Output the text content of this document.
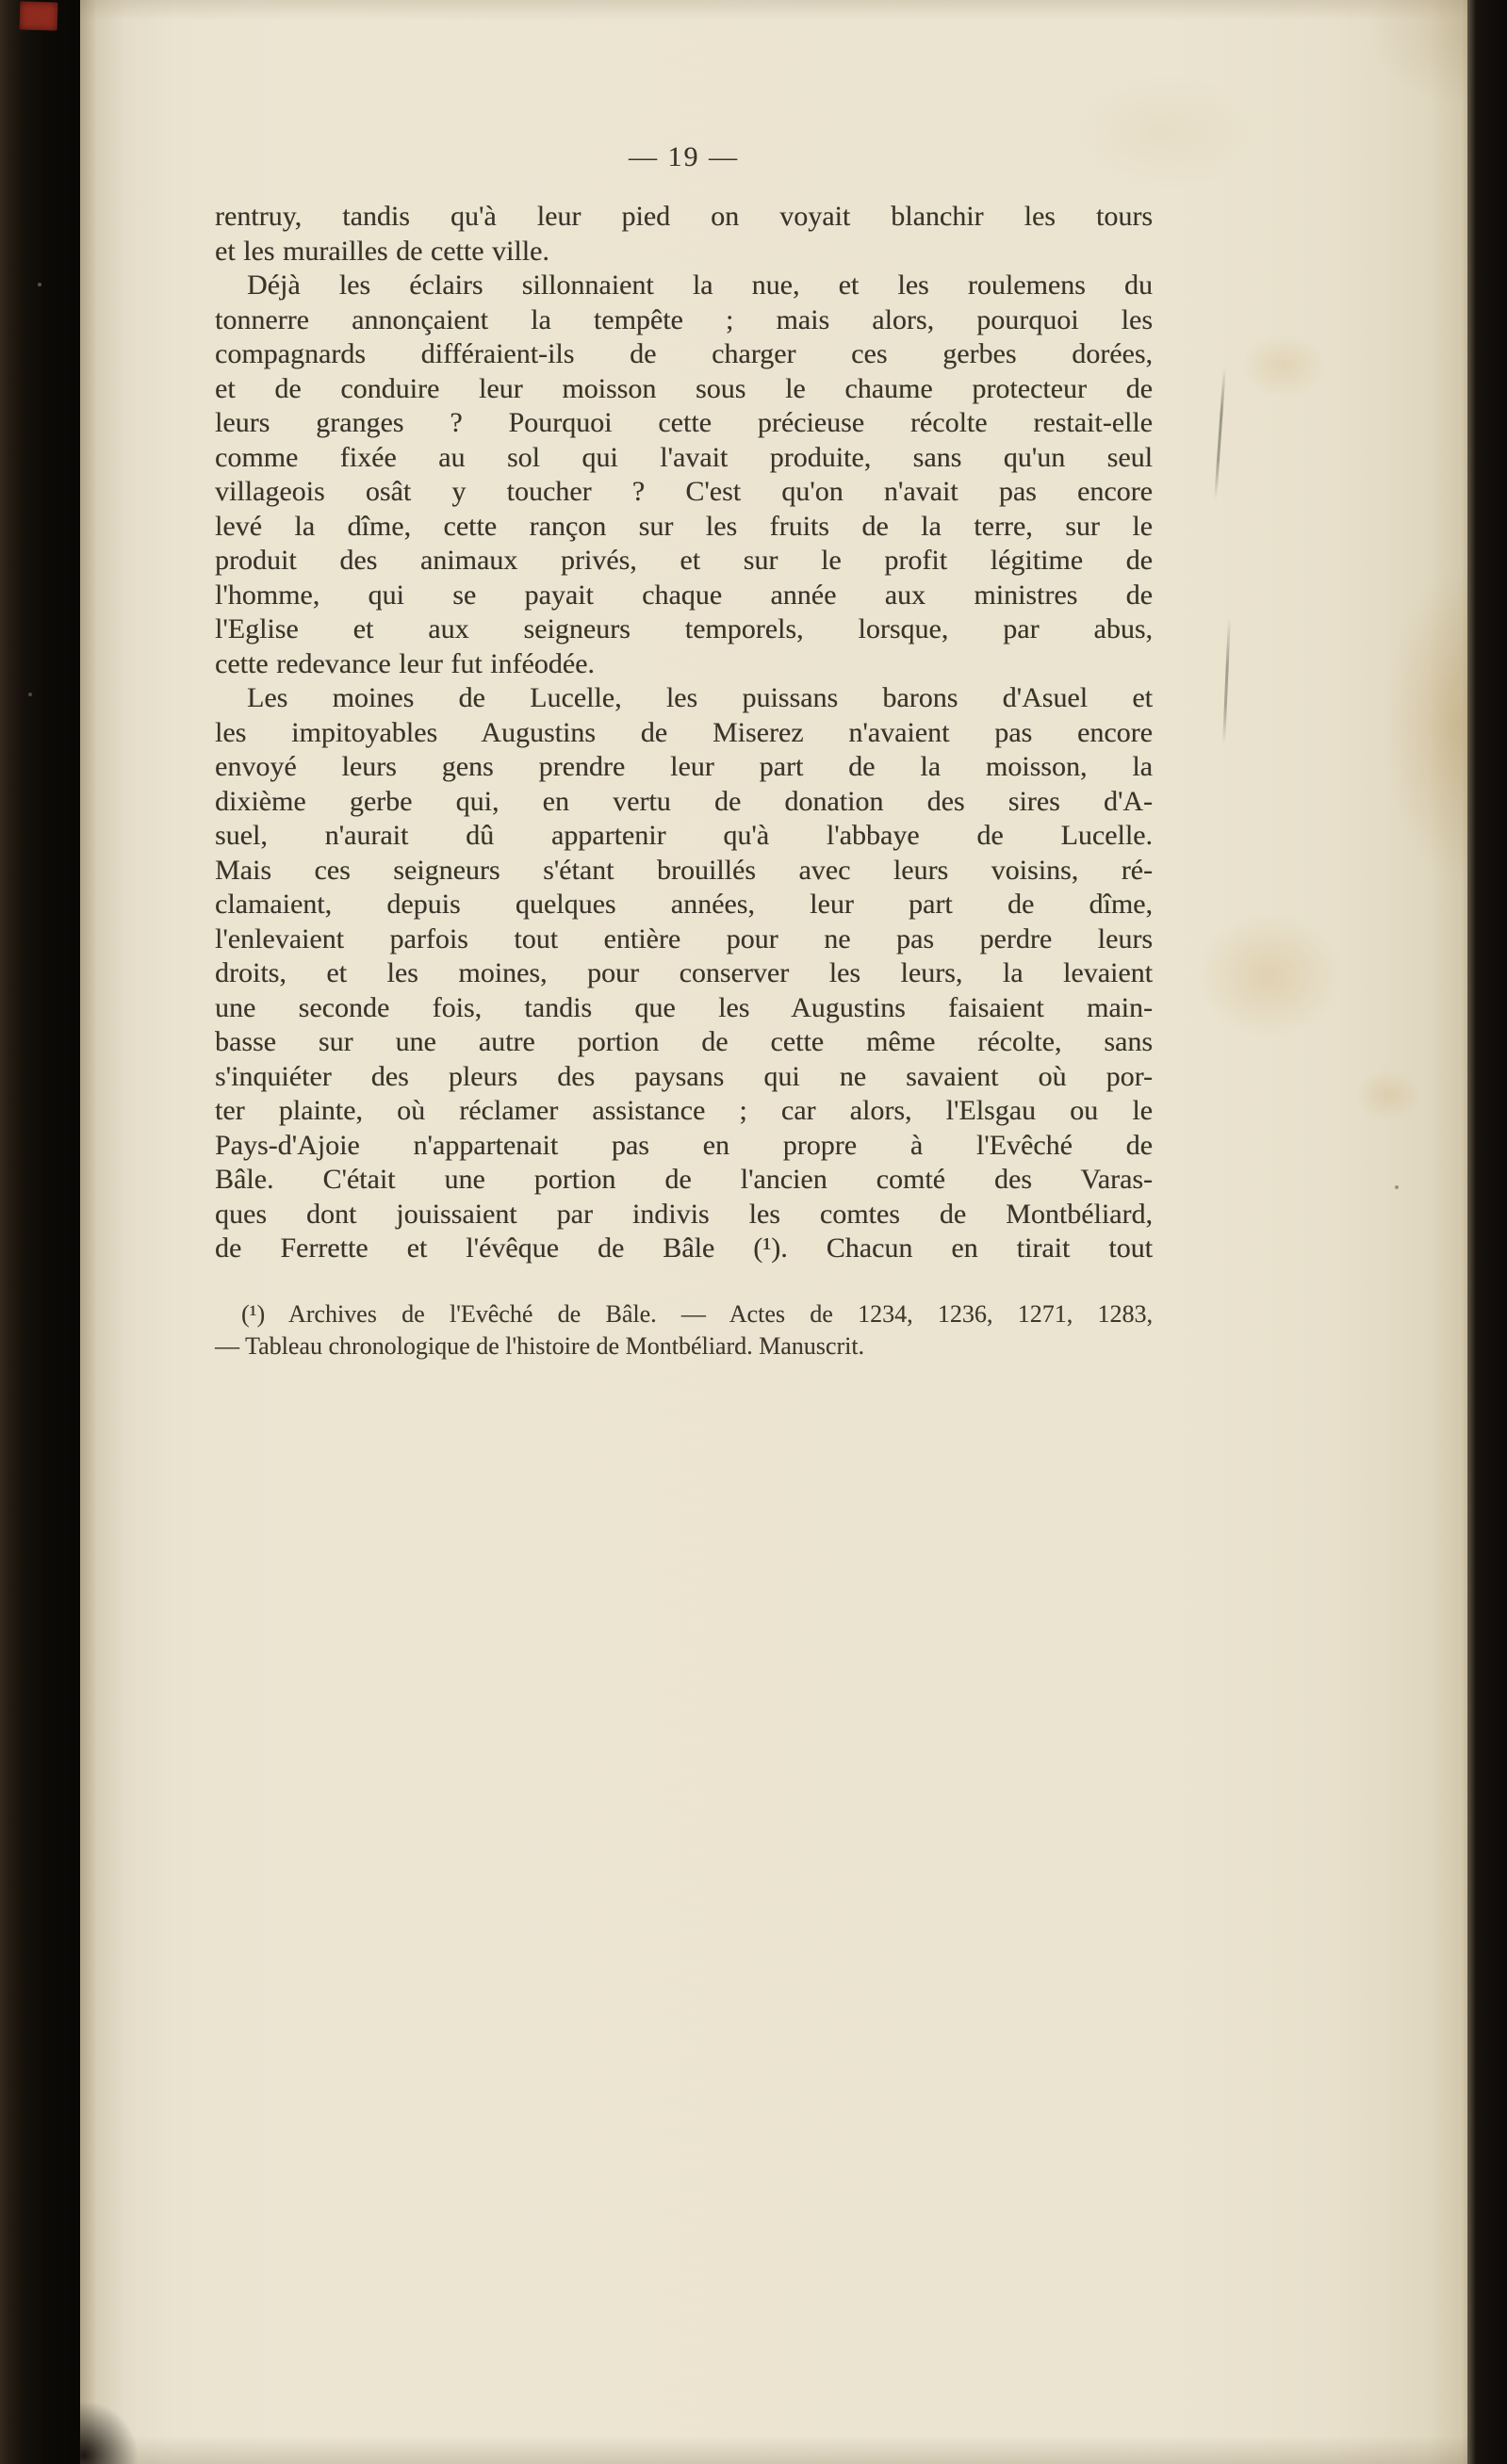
— 19 —
rentruy, tandis qu'à leur pied on voyait blanchir les tours
et les murailles de cette ville.
Déjà les éclairs sillonnaient la nue, et les roulemens du
tonnerre annonçaient la tempête ; mais alors, pourquoi les
compagnards différaient-ils de charger ces gerbes dorées,
et de conduire leur moisson sous le chaume protecteur de
leurs granges ? Pourquoi cette précieuse récolte restait-elle
comme fixée au sol qui l'avait produite, sans qu'un seul
villageois osât y toucher ? C'est qu'on n'avait pas encore
levé la dîme, cette rançon sur les fruits de la terre, sur le
produit des animaux privés, et sur le profit légitime de
l'homme, qui se payait chaque année aux ministres de
l'Eglise et aux seigneurs temporels, lorsque, par abus,
cette redevance leur fut inféodée.
Les moines de Lucelle, les puissans barons d'Asuel et
les impitoyables Augustins de Miserez n'avaient pas encore
envoyé leurs gens prendre leur part de la moisson, la
dixième gerbe qui, en vertu de donation des sires d'A-
suel, n'aurait dû appartenir qu'à l'abbaye de Lucelle.
Mais ces seigneurs s'étant brouillés avec leurs voisins, ré-
clamaient, depuis quelques années, leur part de dîme,
l'enlevaient parfois tout entière pour ne pas perdre leurs
droits, et les moines, pour conserver les leurs, la levaient
une seconde fois, tandis que les Augustins faisaient main-
basse sur une autre portion de cette même récolte, sans
s'inquiéter des pleurs des paysans qui ne savaient où por-
ter plainte, où réclamer assistance ; car alors, l'Elsgau ou le
Pays-d'Ajoie n'appartenait pas en propre à l'Evêché de
Bâle. C'était une portion de l'ancien comté des Varas-
ques dont jouissaient par indivis les comtes de Montbéliard,
de Ferrette et l'évêque de Bâle (¹). Chacun en tirait tout
(¹) Archives de l'Evêché de Bâle. — Actes de 1234, 1236, 1271, 1283,
— Tableau chronologique de l'histoire de Montbéliard. Manuscrit.
